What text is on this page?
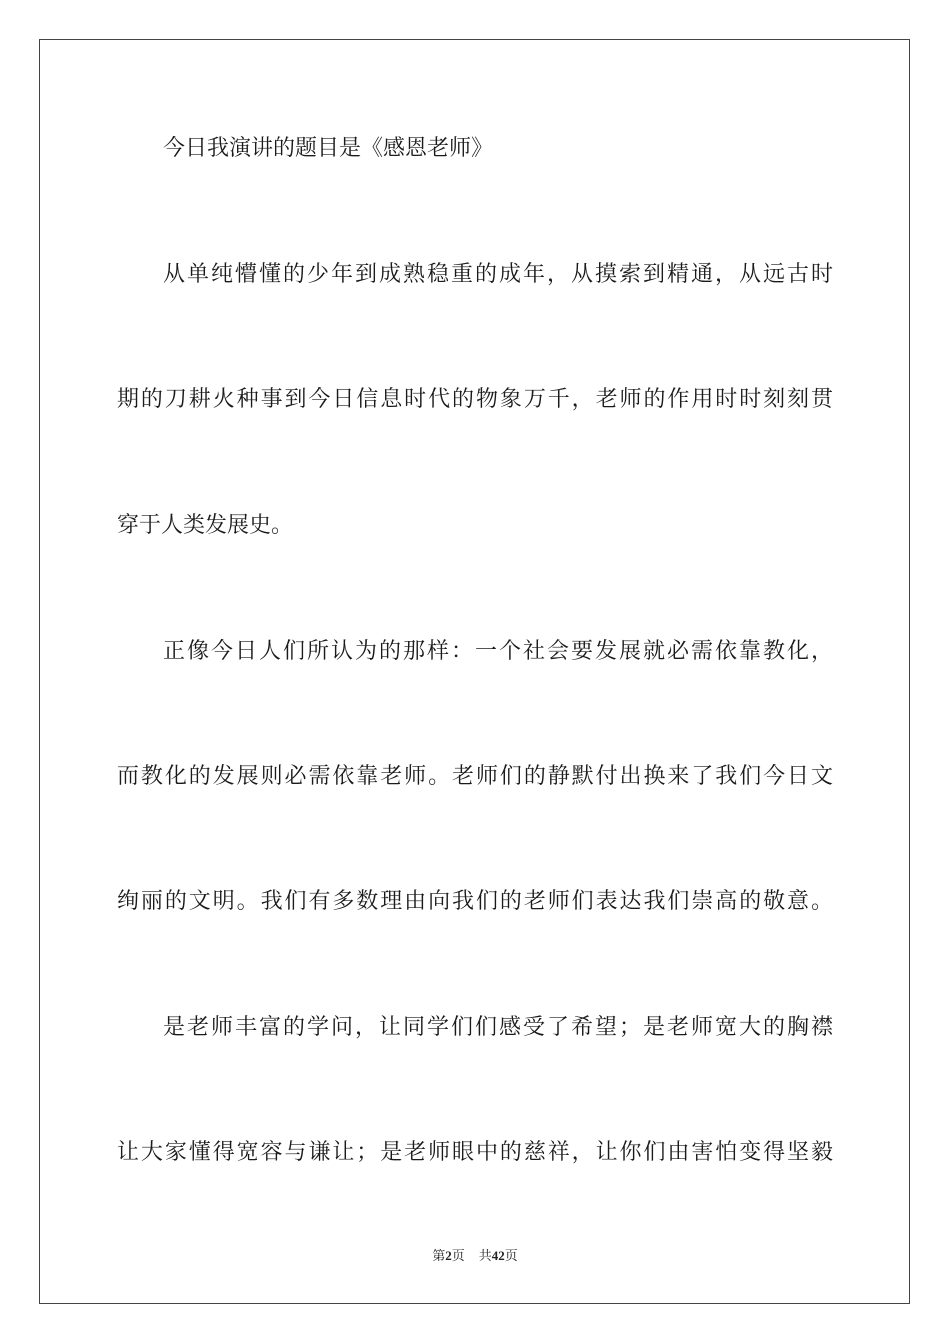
今日我演讲的题目是《感恩老师》
从单纯懵懂的少年到成熟稳重的成年，从摸索到精通，从远古时
期的刀耕火种事到今日信息时代的物象万千，老师的作用时时刻刻贯
穿于人类发展史。
正像今日人们所认为的那样：一个社会要发展就必需依靠教化，
而教化的发展则必需依靠老师。老师们的静默付出换来了我们今日文
绚丽的文明。我们有多数理由向我们的老师们表达我们崇高的敬意。
是老师丰富的学问，让同学们们感受了希望；是老师宽大的胸襟
让大家懂得宽容与谦让；是老师眼中的慈祥，让你们由害怕变得坚毅
第2页 共42页
